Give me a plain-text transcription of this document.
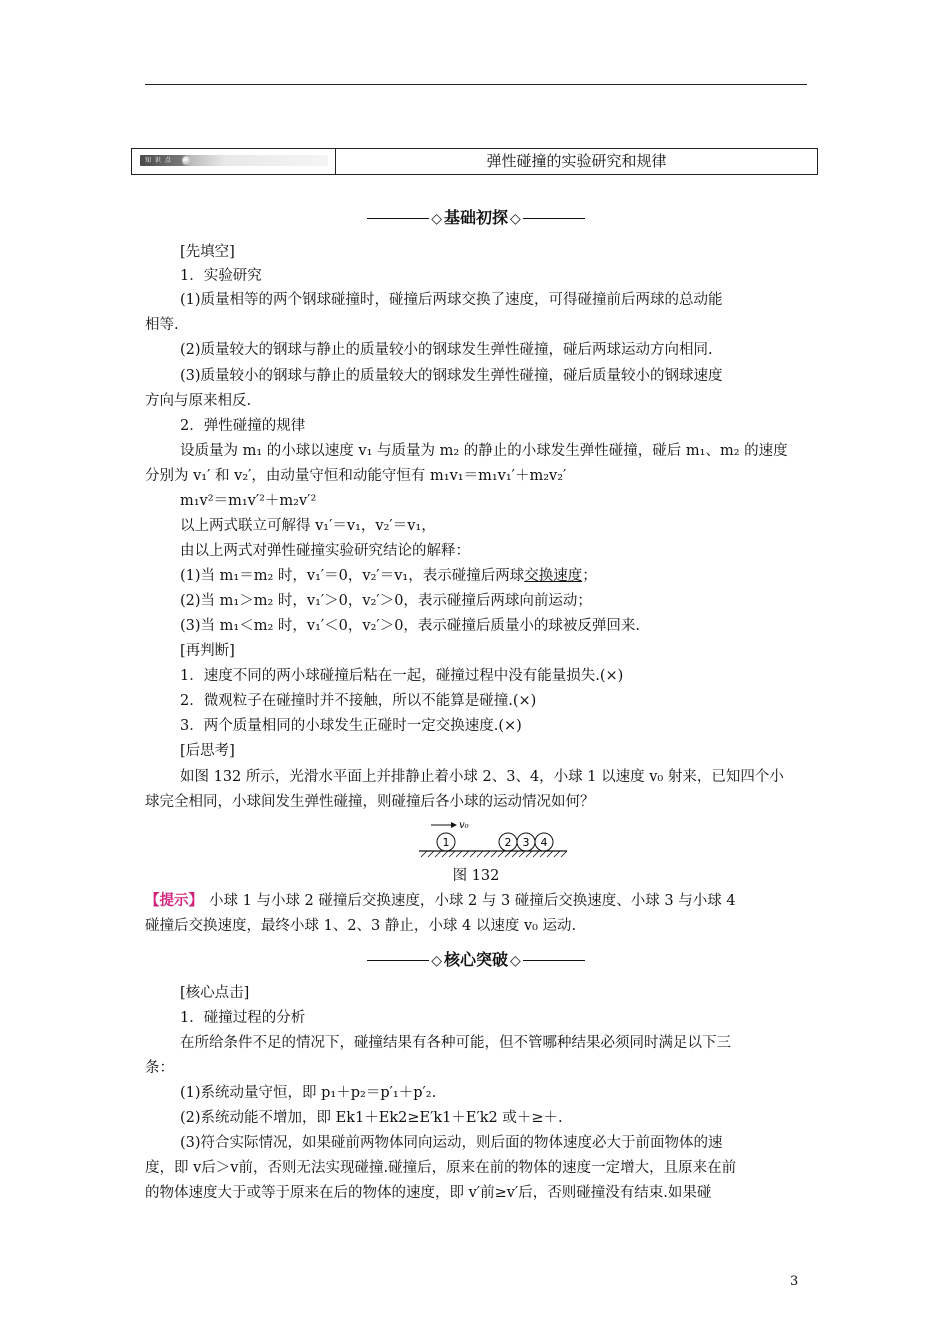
知 识 点	弹性碰撞的实验研究和规律
◇ 基础初探 ◇
[先填空]
1．实验研究
(1)质量相等的两个钢球碰撞时，碰撞后两球交换了速度，可得碰撞前后两球的总动能
相等.
(2)质量较大的钢球与静止的质量较小的钢球发生弹性碰撞，碰后两球运动方向相同.
(3)质量较小的钢球与静止的质量较大的钢球发生弹性碰撞，碰后质量较小的钢球速度
方向与原来相反.
2．弹性碰撞的规律
设质量为 m₁ 的小球以速度 v₁ 与质量为 m₂ 的静止的小球发生弹性碰撞，碰后 m₁、m₂ 的速度
分别为 v₁′ 和 v₂′，由动量守恒和动能守恒有 m₁v₁＝m₁v₁′＋m₂v₂′
m₁v²＝m₁v′²＋m₂v′²
以上两式联立可解得 v₁′＝v₁，v₂′＝v₁，
由以上两式对弹性碰撞实验研究结论的解释：
(1)当 m₁＝m₂ 时，v₁′＝0，v₂′＝v₁，表示碰撞后两球交换速度；
(2)当 m₁＞m₂ 时，v₁′＞0，v₂′＞0，表示碰撞后两球向前运动；
(3)当 m₁＜m₂ 时，v₁′＜0，v₂′＞0，表示碰撞后质量小的球被反弹回来.
[再判断]
1．速度不同的两小球碰撞后粘在一起，碰撞过程中没有能量损失.(×)
2．微观粒子在碰撞时并不接触，所以不能算是碰撞.(×)
3．两个质量相同的小球发生正碰时一定交换速度.(×)
[后思考]
如图 132 所示，光滑水平面上并排静止着小球 2、3、4，小球 1 以速度 v₀ 射来，已知四个小
球完全相同，小球间发生弹性碰撞，则碰撞后各小球的运动情况如何？
v₀
1	2 3 4
图 132
【提示】 小球 1 与小球 2 碰撞后交换速度，小球 2 与 3 碰撞后交换速度、小球 3 与小球 4
碰撞后交换速度，最终小球 1、2、3 静止，小球 4 以速度 v₀ 运动.
◇ 核心突破 ◇
[核心点击]
1．碰撞过程的分析
在所给条件不足的情况下，碰撞结果有各种可能，但不管哪种结果必须同时满足以下三
条：
(1)系统动量守恒，即 p₁＋p₂＝p′₁＋p′₂.
(2)系统动能不增加，即 Ek1＋Ek2≥E′k1＋E′k2 或＋≥＋.
(3)符合实际情况，如果碰前两物体同向运动，则后面的物体速度必大于前面物体的速
度，即 v后＞v前，否则无法实现碰撞.碰撞后，原来在前的物体的速度一定增大，且原来在前
的物体速度大于或等于原来在后的物体的速度，即 v′前≥v′后，否则碰撞没有结束.如果碰
3
